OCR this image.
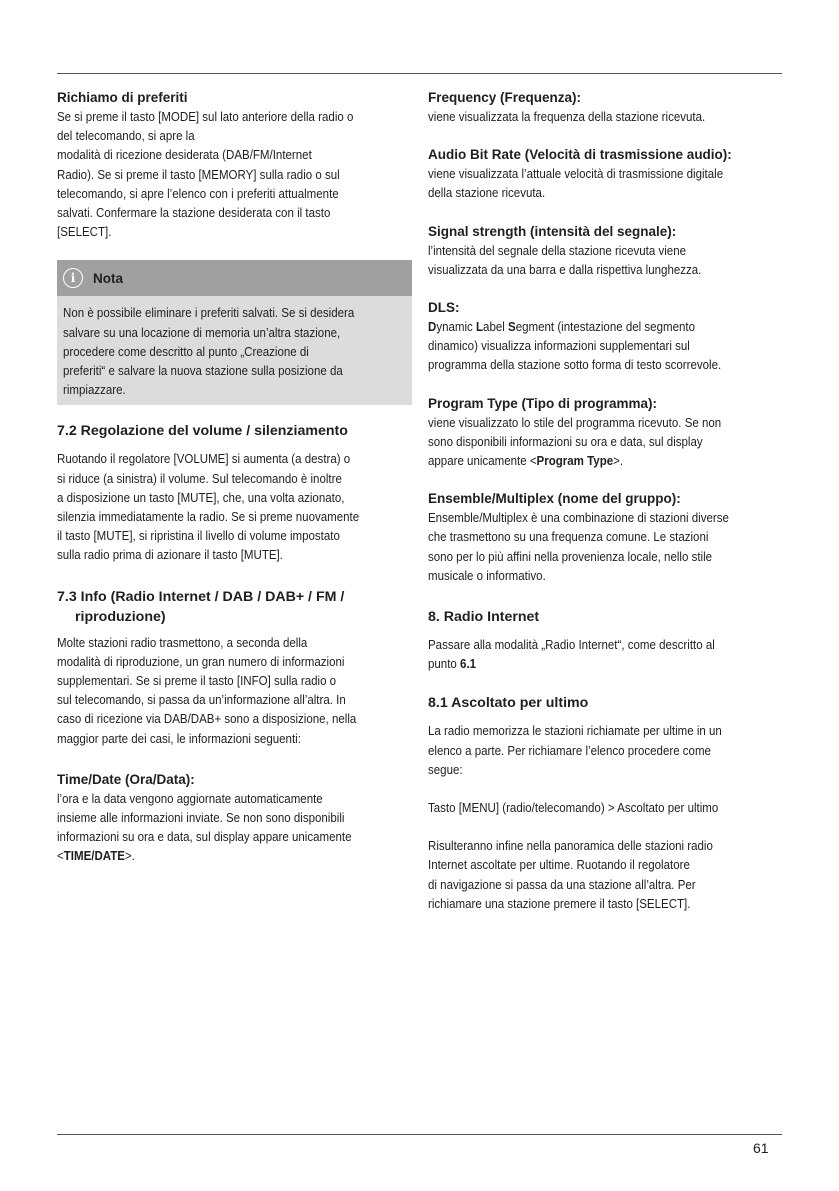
Richiamo di preferiti

Se si preme il tasto [MODE] sul lato anteriore della radio o
del telecomando, si apre la
modalità di ricezione desiderata (DAB/FM/Internet
Radio). Se si preme il tasto [MEMORY] sulla radio o sul
telecomando, si apre l’elenco con i preferiti attualmente
salvati. Confermare la stazione desiderata con il tasto
[SELECT].

i	Nota

Non è possibile eliminare i preferiti salvati. Se si desidera
salvare su una locazione di memoria un’altra stazione,
procedere come descritto al punto „Creazione di
preferiti“ e salvare la nuova stazione sulla posizione da
rimpiazzare.

7.2 Regolazione del volume / silenziamento

Ruotando il regolatore [VOLUME] si aumenta (a destra) o
si riduce (a sinistra) il volume. Sul telecomando è inoltre
a disposizione un tasto [MUTE], che, una volta azionato,
silenzia immediatamente la radio. Se si preme nuovamente
il tasto [MUTE], si ripristina il livello di volume impostato
sulla radio prima di azionare il tasto [MUTE].

7.3 Info (Radio Internet / DAB / DAB+ / FM /
riproduzione)

Molte stazioni radio trasmettono, a seconda della
modalità di riproduzione, un gran numero di informazioni
supplementari. Se si preme il tasto [INFO] sulla radio o
sul telecomando, si passa da un’informazione all’altra. In
caso di ricezione via DAB/DAB+ sono a disposizione, nella
maggior parte dei casi, le informazioni seguenti:

Time/Date (Ora/Data):

l’ora e la data vengono aggiornate automaticamente
insieme alle informazioni inviate. Se non sono disponibili
informazioni su ora e data, sul display appare unicamente
<TIME/DATE>.

Frequency (Frequenza):

viene visualizzata la frequenza della stazione ricevuta.

Audio Bit Rate (Velocità di trasmissione audio):

viene visualizzata l’attuale velocità di trasmissione digitale
della stazione ricevuta.

Signal strength (intensità del segnale):

l’intensità del segnale della stazione ricevuta viene
visualizzata da una barra e dalla rispettiva lunghezza.

DLS:

Dynamic Label Segment (intestazione del segmento
dinamico) visualizza informazioni supplementari sul
programma della stazione sotto forma di testo scorrevole.

Program Type (Tipo di programma):

viene visualizzato lo stile del programma ricevuto. Se non
sono disponibili informazioni su ora e data, sul display
appare unicamente <Program Type>.

Ensemble/Multiplex (nome del gruppo):

Ensemble/Multiplex è una combinazione di stazioni diverse
che trasmettono su una frequenza comune. Le stazioni
sono per lo più affini nella provenienza locale, nello stile
musicale o informativo.

8. Radio Internet

Passare alla modalità „Radio Internet“, come descritto al
punto 6.1

8.1 Ascoltato per ultimo

La radio memorizza le stazioni richiamate per ultime in un
elenco a parte. Per richiamare l’elenco procedere come
segue:

Tasto [MENU] (radio/telecomando) > Ascoltato per ultimo

Risulteranno infine nella panoramica delle stazioni radio
Internet ascoltate per ultime. Ruotando il regolatore
di navigazione si passa da una stazione all’altra. Per
richiamare una stazione premere il tasto [SELECT].

61
